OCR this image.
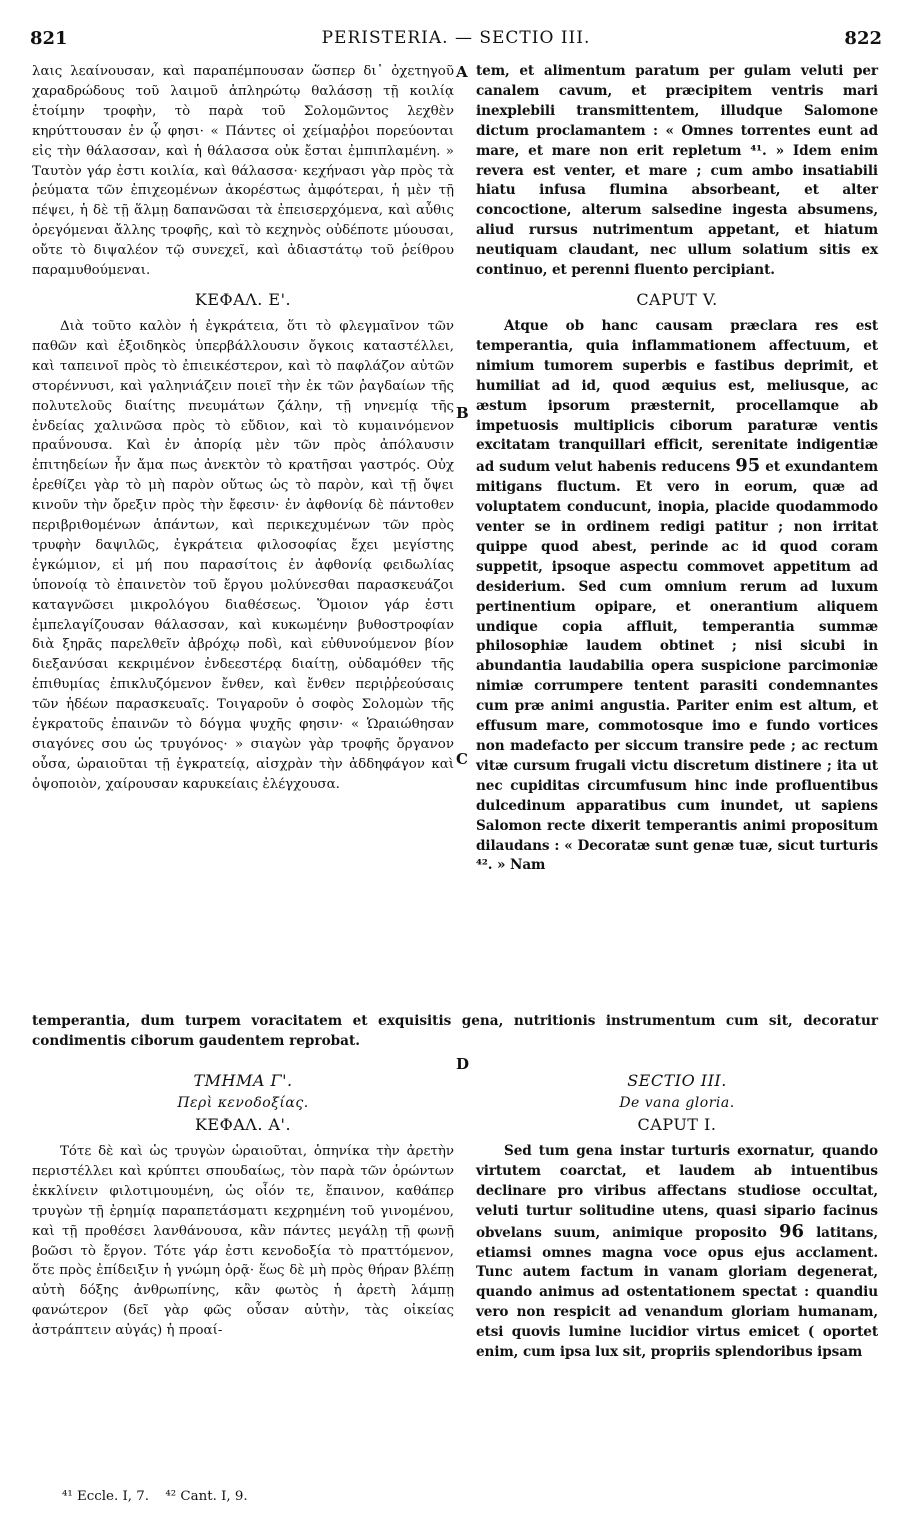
821	PERISTERIA. — SECTIO III.	822
A
B
C
D

λαις λεαίνουσαν, καὶ παραπέμπουσαν ὥσπερ δι᾽ ὀχετηγοῦ χαραδρώδους τοῦ λαιμοῦ ἀπληρώτῳ θαλάσσῃ τῇ κοιλίᾳ ἑτοίμην τροφὴν, τὸ παρὰ τοῦ Σολομῶντος λεχθὲν κηρύττουσαν ἐν ᾧ φησι· « Πάντες οἱ χείμαῤῥοι πορεύονται εἰς τὴν θάλασσαν, καὶ ἡ θάλασσα οὐκ ἔσται ἐμπιπλαμένη. » Ταυτὸν γάρ ἐστι κοιλία, καὶ θάλασσα· κεχήνασι γὰρ πρὸς τὰ ῥεύματα τῶν ἐπιχεομένων ἀκορέστως ἀμφότεραι, ἡ μὲν τῇ πέψει, ἡ δὲ τῇ ἅλμῃ δαπανῶσαι τὰ ἐπεισερχόμενα, καὶ αὖθις ὀρεγόμεναι ἄλλης τροφῆς, καὶ τὸ κεχηνὸς οὐδέποτε μύουσαι, οὔτε τὸ διψαλέον τῷ συνεχεῖ, καὶ ἀδιαστάτῳ τοῦ ῥείθρου παραμυθούμεναι.

ΚΕΦΑΛ. Ε'.

Διὰ τοῦτο καλὸν ἡ ἐγκράτεια, ὅτι τὸ φλεγμαῖνον τῶν παθῶν καὶ ἐξοιδηκὸς ὑπερβάλλουσιν ὄγκοις καταστέλλει, καὶ ταπεινοῖ πρὸς τὸ ἐπιεικέστερον, καὶ τὸ παφλάζον αὐτῶν στορέννυσι, καὶ γαληνιάζειν ποιεῖ τὴν ἐκ τῶν ῥαγδαίων τῆς πολυτελοῦς διαίτης πνευμάτων ζάλην, τῇ νηνεμίᾳ τῆς ἐνδείας χαλινῶσα πρὸς τὸ εὔδιον, καὶ τὸ κυμαινόμενον πραΰνουσα. Καὶ ἐν ἀπορίᾳ μὲν τῶν πρὸς ἀπόλαυσιν ἐπιτηδείων ἦν ἄμα πως ἀνεκτὸν τὸ κρατῆσαι γαστρός. Οὐχ ἐρεθίζει γὰρ τὸ μὴ παρὸν οὕτως ὡς τὸ παρὸν, καὶ τῇ ὄψει κινοῦν τὴν ὄρεξιν πρὸς τὴν ἔφεσιν· ἐν ἀφθονίᾳ δὲ πάντοθεν περιβριθομένων ἁπάντων, καὶ περικεχυμένων τῶν πρὸς τρυφὴν δαψιλῶς, ἐγκράτεια φιλοσοφίας ἔχει μεγίστης ἐγκώμιον, εἰ μή που παρασίτοις ἐν ἀφθονίᾳ φειδωλίας ὑπονοίᾳ τὸ ἐπαινετὸν τοῦ ἔργου μολύνεσθαι παρασκευάζοι καταγνῶσει μικρολόγου διαθέσεως. Ὅμοιον γάρ ἐστι ἐμπελαγίζουσαν θάλασσαν, καὶ κυκωμένην βυθοστροφίαν διὰ ξηρᾶς παρελθεῖν ἀβρόχῳ ποδὶ, καὶ εὐθυνούμενον βίον διεξανύσαι κεκριμένον ἐνδεεστέρᾳ διαίτῃ, οὐδαμόθεν τῆς ἐπιθυμίας ἐπικλυζόμενον ἔνθεν, καὶ ἔνθεν περιῤῥεούσαις τῶν ἡδέων παρασκευαῖς. Τοιγαροῦν ὁ σοφὸς Σολομὼν τῆς ἐγκρατοῦς ἐπαινῶν τὸ δόγμα ψυχῆς φησιν· « Ὡραιώθησαν σιαγόνες σου ὡς τρυγόνος· » σιαγὼν γὰρ τροφῆς ὄργανον οὖσα, ὡραιοῦται τῇ ἐγκρατείᾳ, αἰσχρὰν τὴν ἀδδηφάγον καὶ ὀψοποιὸν, χαίρουσαν καρυκείαις ἐλέγχουσα.

tem, et alimentum paratum per gulam veluti per canalem cavum, et præcipitem ventris mari inexplebili transmittentem, illudque Salomone dictum proclamantem : « Omnes torrentes eunt ad mare, et mare non erit repletum ⁴¹. » Idem enim revera est venter, et mare ; cum ambo insatiabili hiatu infusa flumina absorbeant, et alter concoctione, alterum salsedine ingesta absumens, aliud rursus nutrimentum appetant, et hiatum neutiquam claudant, nec ullum solatium sitis ex continuo, et perenni fluento percipiant.

CAPUT V.

Atque ob hanc causam præclara res est temperantia, quia inflammationem affectuum, et nimium tumorem superbis e fastibus deprimit, et humiliat ad id, quod æquius est, meliusque, ac æstum ipsorum præsternit, procellamque ab impetuosis multiplicis ciborum paraturæ ventis excitatam tranquillari efficit, serenitate indigentiæ ad sudum velut habenis reducens 95 et exundantem mitigans fluctum. Et vero in eorum, quæ ad voluptatem conducunt, inopia, placide quodammodo venter se in ordinem redigi patitur ; non irritat quippe quod abest, perinde ac id quod coram suppetit, ipsoque aspectu commovet appetitum ad desiderium. Sed cum omnium rerum ad luxum pertinentium opipare, et onerantium aliquem undique copia affluit, temperantia summæ philosophiæ laudem obtinet ; nisi sicubi in abundantia laudabilia opera suspicione parcimoniæ nimiæ corrumpere tentent parasiti condemnantes cum præ animi angustia. Pariter enim est altum, et effusum mare, commotosque imo e fundo vortices non madefacto per siccum transire pede ; ac rectum vitæ cursum frugali victu discretum distinere ; ita ut nec cupiditas circumfusum hinc inde profluentibus dulcedinum apparatibus cum inundet, ut sapiens Salomon recte dixerit temperantis animi propositum dilaudans : « Decoratæ sunt genæ tuæ, sicut turturis ⁴². » Nam

temperantia, dum turpem voracitatem et exquisitis gena, nutritionis instrumentum cum sit, decoratur condimentis ciborum gaudentem reprobat.

ΤΜΗΜΑ Γ'.

Περὶ κενοδοξίας.

ΚΕΦΑΛ. Α'.

Τότε δὲ καὶ ὡς τρυγὼν ὡραιοῦται, ὁπηνίκα τὴν ἀρετὴν περιστέλλει καὶ κρύπτει σπουδαίως, τὸν παρὰ τῶν ὁρώντων ἐκκλίνειν φιλοτιμουμένη, ὡς οἷόν τε, ἔπαινον, καθάπερ τρυγὼν τῇ ἐρημίᾳ παραπετάσματι κεχρημένη τοῦ γινομένου, καὶ τῇ προθέσει λανθάνουσα, κἂν πάντες μεγάλῃ τῇ φωνῇ βοῶσι τὸ ἔργον. Τότε γάρ ἐστι κενοδοξία τὸ πραττόμενον, ὅτε πρὸς ἐπίδειξιν ἡ γνώμη ὁρᾷ· ἕως δὲ μὴ πρὸς θήραν βλέπῃ αὐτὴ δόξης ἀνθρωπίνης, κἂν φωτὸς ἡ ἀρετὴ λάμπῃ φανώτερον (δεῖ γὰρ φῶς οὖσαν αὐτὴν, τὰς οἰκείας ἀστράπτειν αὐγάς) ἡ προαί-

SECTIO III.

De vana gloria.

CAPUT I.

Sed tum gena instar turturis exornatur, quando virtutem coarctat, et laudem ab intuentibus declinare pro viribus affectans studiose occultat, veluti turtur solitudine utens, quasi sipario facinus obvelans suum, animique proposito 96 latitans, etiamsi omnes magna voce opus ejus acclament. Tunc autem factum in vanam gloriam degenerat, quando animus ad ostentationem spectat : quandiu vero non respicit ad venandum gloriam humanam, etsi quovis lumine lucidior virtus emicet ( oportet enim, cum ipsa lux sit, propriis splendoribus ipsam

⁴¹ Eccle. I, 7. ⁴² Cant. I, 9.
